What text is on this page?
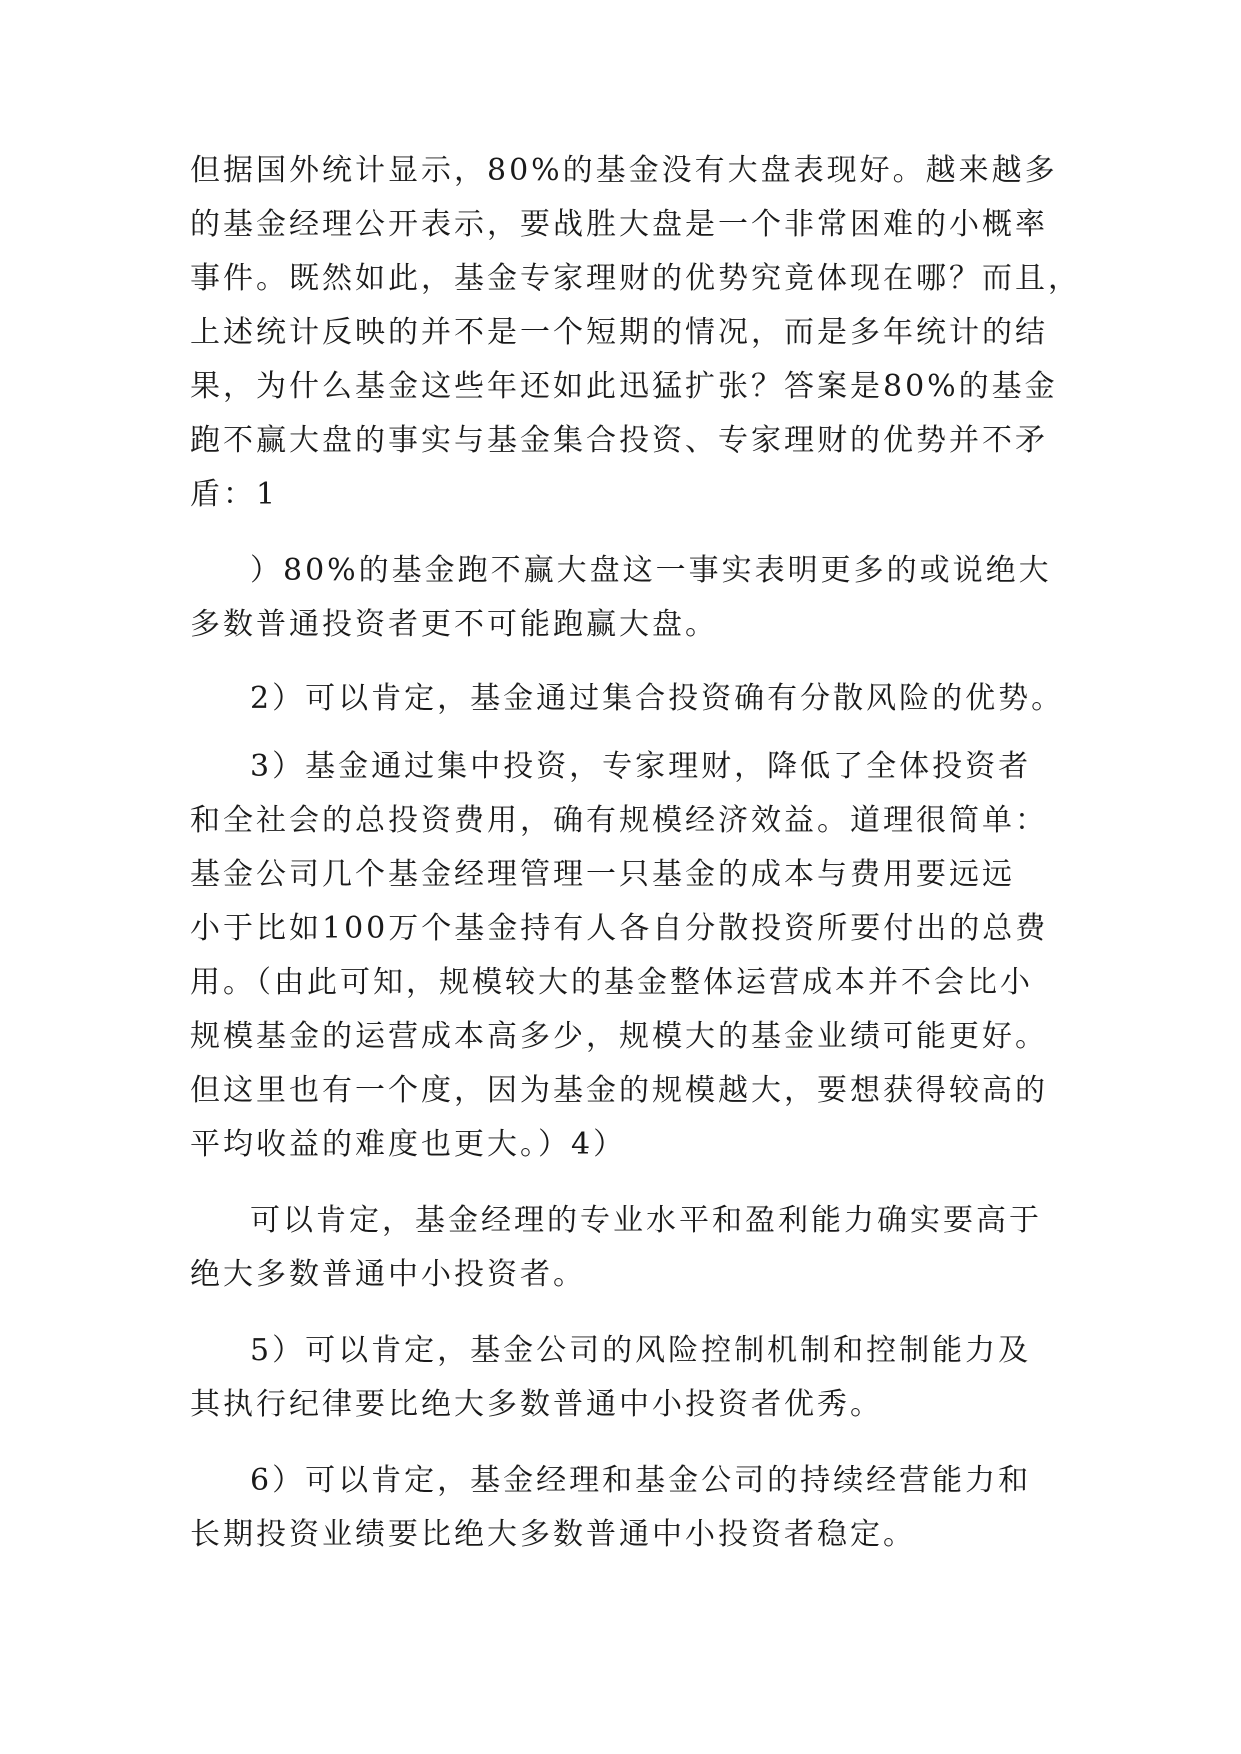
但据国外统计显示，80%的基金没有大盘表现好。越来越多
的基金经理公开表示，要战胜大盘是一个非常困难的小概率
事件。既然如此，基金专家理财的优势究竟体现在哪？而且，
上述统计反映的并不是一个短期的情况，而是多年统计的结
果，为什么基金这些年还如此迅猛扩张？答案是80%的基金
跑不赢大盘的事实与基金集合投资、专家理财的优势并不矛
盾：1
）80%的基金跑不赢大盘这一事实表明更多的或说绝大
多数普通投资者更不可能跑赢大盘。
2）可以肯定，基金通过集合投资确有分散风险的优势。
3）基金通过集中投资，专家理财，降低了全体投资者
和全社会的总投资费用，确有规模经济效益。道理很简单：
基金公司几个基金经理管理一只基金的成本与费用要远远
小于比如100万个基金持有人各自分散投资所要付出的总费
用。（由此可知，规模较大的基金整体运营成本并不会比小
规模基金的运营成本高多少，规模大的基金业绩可能更好。
但这里也有一个度，因为基金的规模越大，要想获得较高的
平均收益的难度也更大。）4）
可以肯定，基金经理的专业水平和盈利能力确实要高于
绝大多数普通中小投资者。
5）可以肯定，基金公司的风险控制机制和控制能力及
其执行纪律要比绝大多数普通中小投资者优秀。
6）可以肯定，基金经理和基金公司的持续经营能力和
长期投资业绩要比绝大多数普通中小投资者稳定。
